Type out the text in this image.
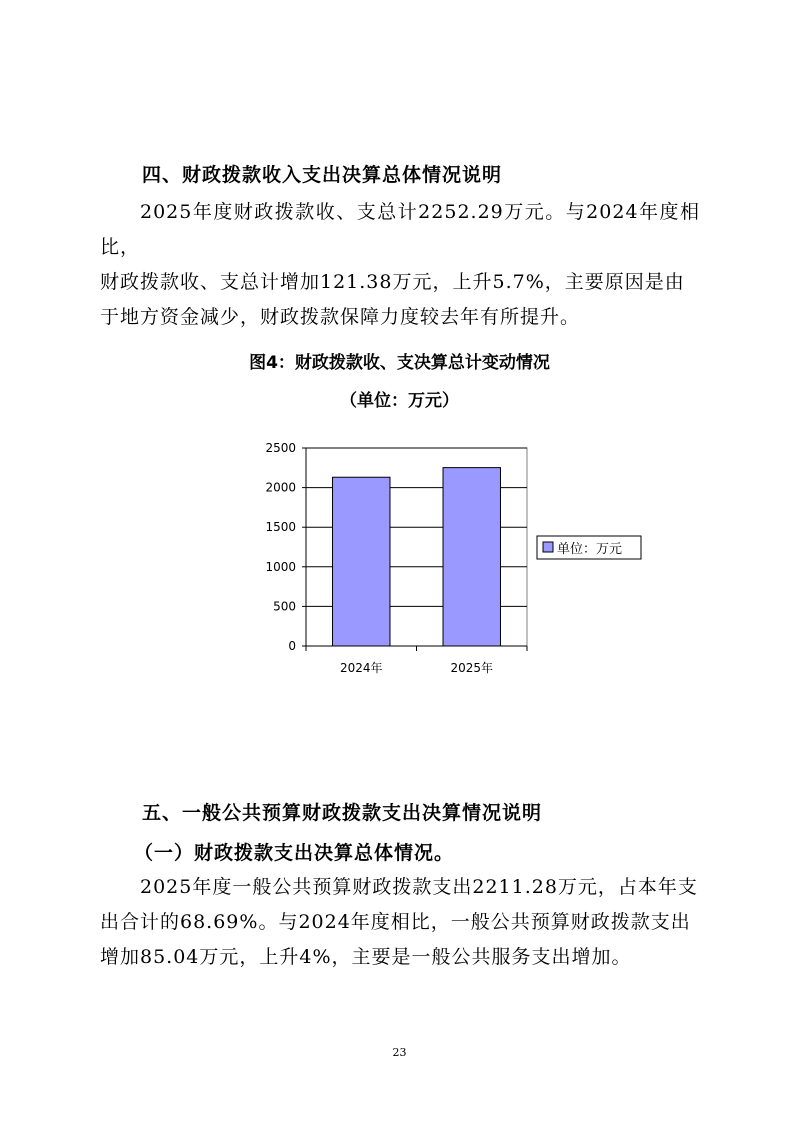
四、财政拨款收入支出决算总体情况说明
2025年度财政拨款收、支总计2252.29万元。与2024年度相比，
财政拨款收、支总计增加121.38万元，上升5.7%，主要原因是由
于地方资金减少，财政拨款保障力度较去年有所提升。
图4：财政拨款收、支决算总计变动情况
（单位：万元）
0
500
1000
1500
2000
2500
2024年	2025年
单位：万元
五、一般公共预算财政拨款支出决算情况说明
（一）财政拨款支出决算总体情况。
2025年度一般公共预算财政拨款支出2211.28万元，占本年支
出合计的68.69%。与2024年度相比，一般公共预算财政拨款支出
增加85.04万元，上升4%，主要是一般公共服务支出增加。
23
